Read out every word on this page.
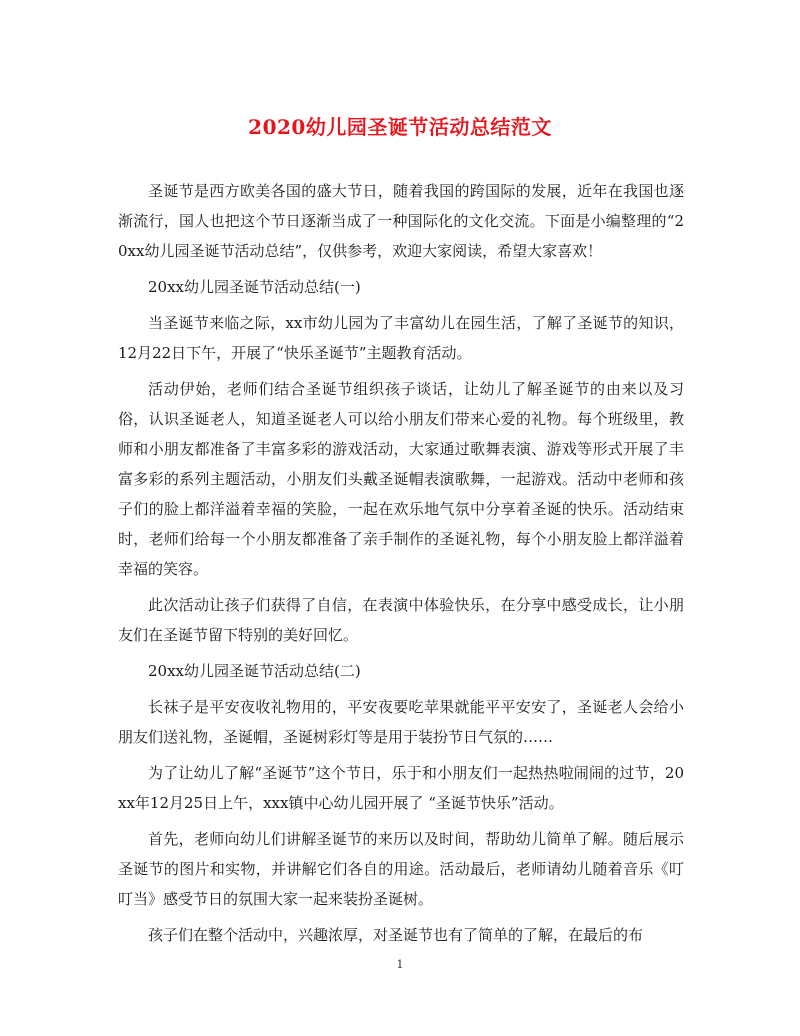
2020幼儿园圣诞节活动总结范文

圣诞节是西方欧美各国的盛大节日，随着我国的跨国际的发展，近年在我国也逐渐流行，国人也把这个节日逐渐当成了一种国际化的文化交流。下面是小编整理的“20xx幼儿园圣诞节活动总结”，仅供参考，欢迎大家阅读，希望大家喜欢！

20xx幼儿园圣诞节活动总结(一)

当圣诞节来临之际，xx市幼儿园为了丰富幼儿在园生活，了解了圣诞节的知识，12月22日下午，开展了“快乐圣诞节”主题教育活动。

活动伊始，老师们结合圣诞节组织孩子谈话，让幼儿了解圣诞节的由来以及习俗，认识圣诞老人，知道圣诞老人可以给小朋友们带来心爱的礼物。每个班级里，教师和小朋友都准备了丰富多彩的游戏活动，大家通过歌舞表演、游戏等形式开展了丰富多彩的系列主题活动，小朋友们头戴圣诞帽表演歌舞，一起游戏。活动中老师和孩子们的脸上都洋溢着幸福的笑脸，一起在欢乐地气氛中分享着圣诞的快乐。活动结束时，老师们给每一个小朋友都准备了亲手制作的圣诞礼物，每个小朋友脸上都洋溢着幸福的笑容。

此次活动让孩子们获得了自信，在表演中体验快乐，在分享中感受成长，让小朋友们在圣诞节留下特别的美好回忆。

20xx幼儿园圣诞节活动总结(二)

长袜子是平安夜收礼物用的，平安夜要吃苹果就能平平安安了，圣诞老人会给小朋友们送礼物，圣诞帽，圣诞树彩灯等是用于装扮节日气氛的……

为了让幼儿了解“圣诞节”这个节日，乐于和小朋友们一起热热啦闹闹的过节，20xx年12月25日上午，xxx镇中心幼儿园开展了 “圣诞节快乐”活动。

首先，老师向幼儿们讲解圣诞节的来历以及时间，帮助幼儿简单了解。随后展示圣诞节的图片和实物，并讲解它们各自的用途。活动最后，老师请幼儿随着音乐《叮叮当》感受节日的氛围大家一起来装扮圣诞树。

孩子们在整个活动中，兴趣浓厚，对圣诞节也有了简单的了解，在最后的布

1
